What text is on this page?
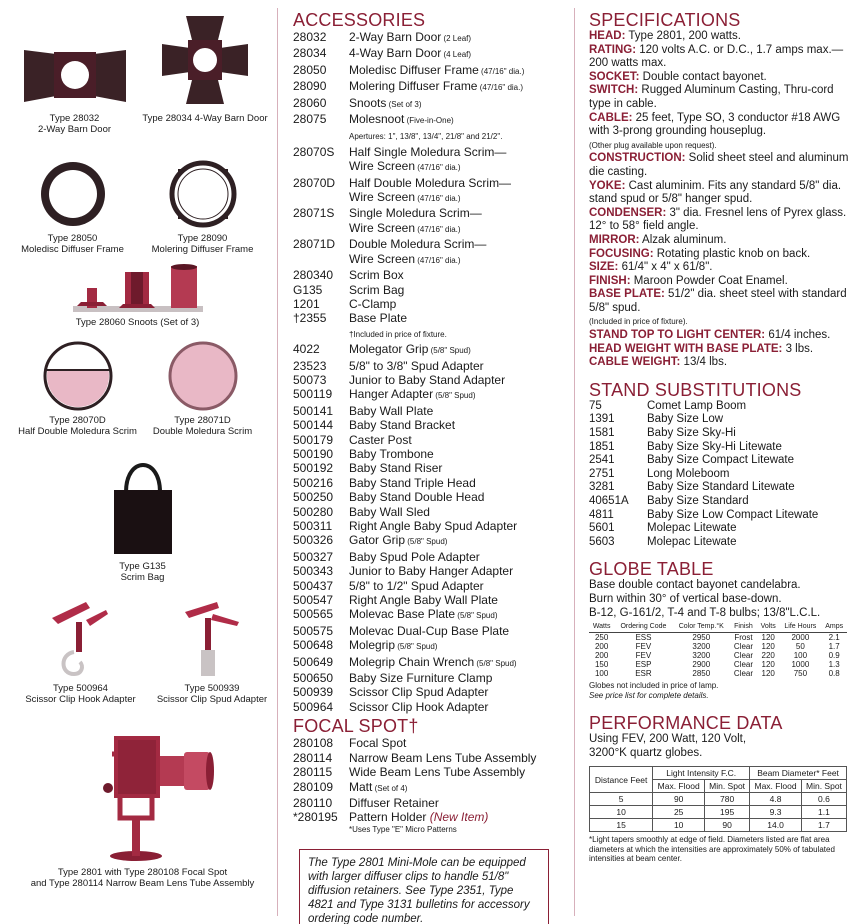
Type 28032
2-Way Barn Door
Type 28034 4-Way Barn Door
Type 28050
Moledisc Diffuser Frame
Type 28090
Molering Diffuser Frame
Type 28060 Snoots (Set of 3)
Type 28070D
Half Double Moledura Scrim
Type 28071D
Double Moledura Scrim
Type G135
Scrim Bag
Type 500964
Scissor Clip Hook Adapter
Type 500939
Scissor Clip Spud Adapter
Type 2801 with Type 280108 Focal Spot
and Type 280114 Narrow Beam Lens Tube Assembly
ACCESSORIES
28032	2-Way Barn Door (2 Leaf)
28034	4-Way Barn Door (4 Leaf)
28050	Moledisc Diffuser Frame (47/16" dia.)
28090	Molering Diffuser Frame (47/16" dia.)
28060	Snoots (Set of 3)
28075	Molesnoot (Five-in-One)
Apertures: 1", 13/8", 13/4", 21/8" and 21/2".
28070S	Half Single Moledura Scrim—
Wire Screen (47/16" dia.)
28070D	Half Double Moledura Scrim—
Wire Screen (47/16" dia.)
28071S	Single Moledura Scrim—
Wire Screen (47/16" dia.)
28071D	Double Moledura Scrim—
Wire Screen (47/16" dia.)
280340	Scrim Box
G135	Scrim Bag
1201	C-Clamp
†2355	Base Plate
†Included in price of fixture.
4022	Molegator Grip (5/8" Spud)
23523	5/8" to 3/8" Spud Adapter
50073	Junior to Baby Stand Adapter
500119	Hanger Adapter (5/8" Spud)
500141	Baby Wall Plate
500144	Baby Stand Bracket
500179	Caster Post
500190	Baby Trombone
500192	Baby Stand Riser
500216	Baby Stand Triple Head
500250	Baby Stand Double Head
500280	Baby Wall Sled
500311	Right Angle Baby Spud Adapter
500326	Gator Grip (5/8" Spud)
500327	Baby Spud Pole Adapter
500343	Junior to Baby Hanger Adapter
500437	5/8" to 1/2" Spud Adapter
500547	Right Angle Baby Wall Plate
500565	Molevac Base Plate (5/8" Spud)
500575	Molevac Dual-Cup Base Plate
500648	Molegrip (5/8" Spud)
500649	Molegrip Chain Wrench (5/8" Spud)
500650	Baby Size Furniture Clamp
500939	Scissor Clip Spud Adapter
500964	Scissor Clip Hook Adapter
FOCAL SPOT†
280108	Focal Spot
280114	Narrow Beam Lens Tube Assembly
280115	Wide Beam Lens Tube Assembly
280109	Matt (Set of 4)
280110	Diffuser Retainer
*280195 Pattern Holder (New Item)
*Uses Type "E" Micro Patterns
The Type 2801 Mini-Mole can be equipped with larger diffuser clips to handle 51/8" diffusion retainers. See Type 2351, Type 4821 and Type 3131 bulletins for accessory ordering code number.
SPECIFICATIONS
HEAD: Type 2801, 200 watts.
RATING: 120 volts A.C. or D.C., 1.7 amps max.—200 watts max.
SOCKET: Double contact bayonet.
SWITCH: Rugged Aluminum Casting, Thru-cord type in cable.
CABLE: 25 feet, Type SO, 3 conductor #18 AWG with 3-prong grounding houseplug.
(Other plug available upon request).
CONSTRUCTION: Solid sheet steel and aluminum die casting.
YOKE: Cast aluminim. Fits any standard 5/8" dia. stand spud or 5/8" hanger spud.
CONDENSER: 3" dia. Fresnel lens of Pyrex glass. 12° to 58° field angle.
MIRROR: Alzak aluminum.
FOCUSING: Rotating plastic knob on back.
SIZE: 61/4" x 4" x 61/8".
FINISH: Maroon Powder Coat Enamel.
BASE PLATE: 51/2" dia. sheet steel with standard 5/8" spud.
(Included in price of fixture).
STAND TOP TO LIGHT CENTER: 61/4 inches.
HEAD WEIGHT WITH BASE PLATE: 3 lbs.
CABLE WEIGHT: 13/4 lbs.
STAND SUBSTITUTIONS
75	Comet Lamp Boom
1391	Baby Size Low
1581	Baby Size Sky-Hi
1851	Baby Size Sky-Hi Litewate
2541	Baby Size Compact Litewate
2751	Long Moleboom
3281	Baby Size Standard Litewate
40651A	Baby Size Standard
4811	Baby Size Low Compact Litewate
5601	Molepac Litewate
5603	Molepac Litewate
GLOBE TABLE
Base double contact bayonet candelabra.
Burn within 30° of vertical base-down.
B-12, G-161/2, T-4 and T-8 bulbs; 13/8"L.C.L.
Watts	Ordering Code	Color Temp.°K	Finish	Volts	Life Hours	Amps
250	ESS	2950	Frost	120	2000	2.1
200	FEV	3200	Clear	120	50	1.7
200	FEV	3200	Clear	220	100	0.9
150	ESP	2900	Clear	120	1000	1.3
100	ESR	2850	Clear	120	750	0.8
Globes not included in price of lamp.
See price list for complete details.
PERFORMANCE DATA
Using FEV, 200 Watt, 120 Volt,
3200°K quartz globes.
Distance Feet	Light Intensity F.C.		Beam Diameter* Feet	
	Max. Flood	Min. Spot	Max. Flood	Min. Spot
5	90	780	4.8	0.6
10	25	195	9.3	1.1
15	10	90	14.0	1.7
*Light tapers smoothly at edge of field. Diameters listed are flat area diameters at which the intensities are approximately 50% of tabulated intensities at beam center.
